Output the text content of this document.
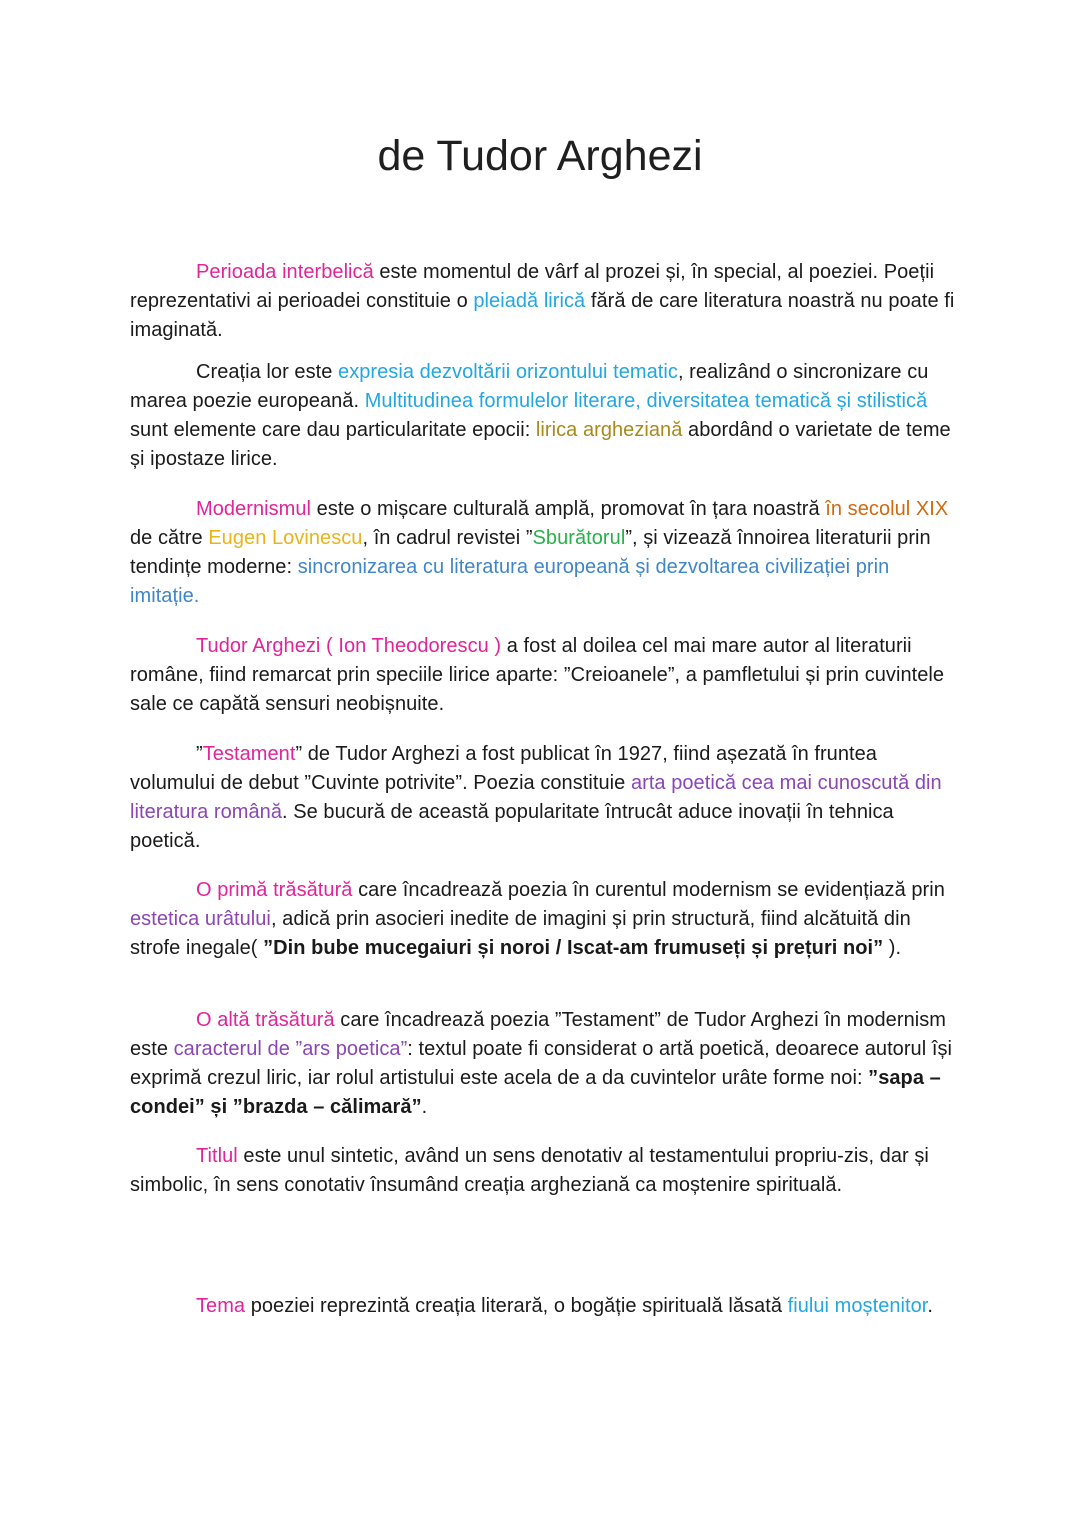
de Tudor Arghezi

Perioada interbelică este momentul de vârf al prozei și, în special, al poeziei. Poeții reprezentativi ai perioadei constituie o pleiadă lirică fără de care literatura noastră nu poate fi imaginată.

Creația lor este expresia dezvoltării orizontului tematic, realizând o sincronizare cu marea poezie europeană. Multitudinea formulelor literare, diversitatea tematică și stilistică sunt elemente care dau particularitate epocii: lirica argheziană abordând o varietate de teme și ipostaze lirice.

Modernismul este o mișcare culturală amplă, promovat în țara noastră în secolul XIX de către Eugen Lovinescu, în cadrul revistei ”Sburătorul”, și vizează înnoirea literaturii prin tendințe moderne: sincronizarea cu literatura europeană și dezvoltarea civilizației prin imitație.

Tudor Arghezi ( Ion Theodorescu ) a fost al doilea cel mai mare autor al literaturii române, fiind remarcat prin speciile lirice aparte: ”Creioanele”, a pamfletului și prin cuvintele sale ce capătă sensuri neobișnuite.

”Testament” de Tudor Arghezi a fost publicat în 1927, fiind așezată în fruntea volumului de debut ”Cuvinte potrivite”. Poezia constituie arta poetică cea mai cunoscută din literatura română. Se bucură de această popularitate întrucât aduce inovații în tehnica poetică.

O primă trăsătură care încadrează poezia în curentul modernism se evidențiază prin estetica urâtului, adică prin asocieri inedite de imagini și prin structură, fiind alcătuită din strofe inegale( ”Din bube mucegaiuri și noroi / Iscat-am frumuseți și prețuri noi” ).

O altă trăsătură care încadrează poezia ”Testament” de Tudor Arghezi în modernism este caracterul de ”ars poetica”: textul poate fi considerat o artă poetică, deoarece autorul își exprimă crezul liric, iar rolul artistului este acela de a da cuvintelor urâte forme noi: ”sapa – condei” și ”brazda – călimară”.

Titlul este unul sintetic, având un sens denotativ al testamentului propriu-zis, dar și simbolic, în sens conotativ însumând creația argheziană ca moștenire spirituală.

Tema poeziei reprezintă creația literară, o bogăție spirituală lăsată fiului moștenitor.
